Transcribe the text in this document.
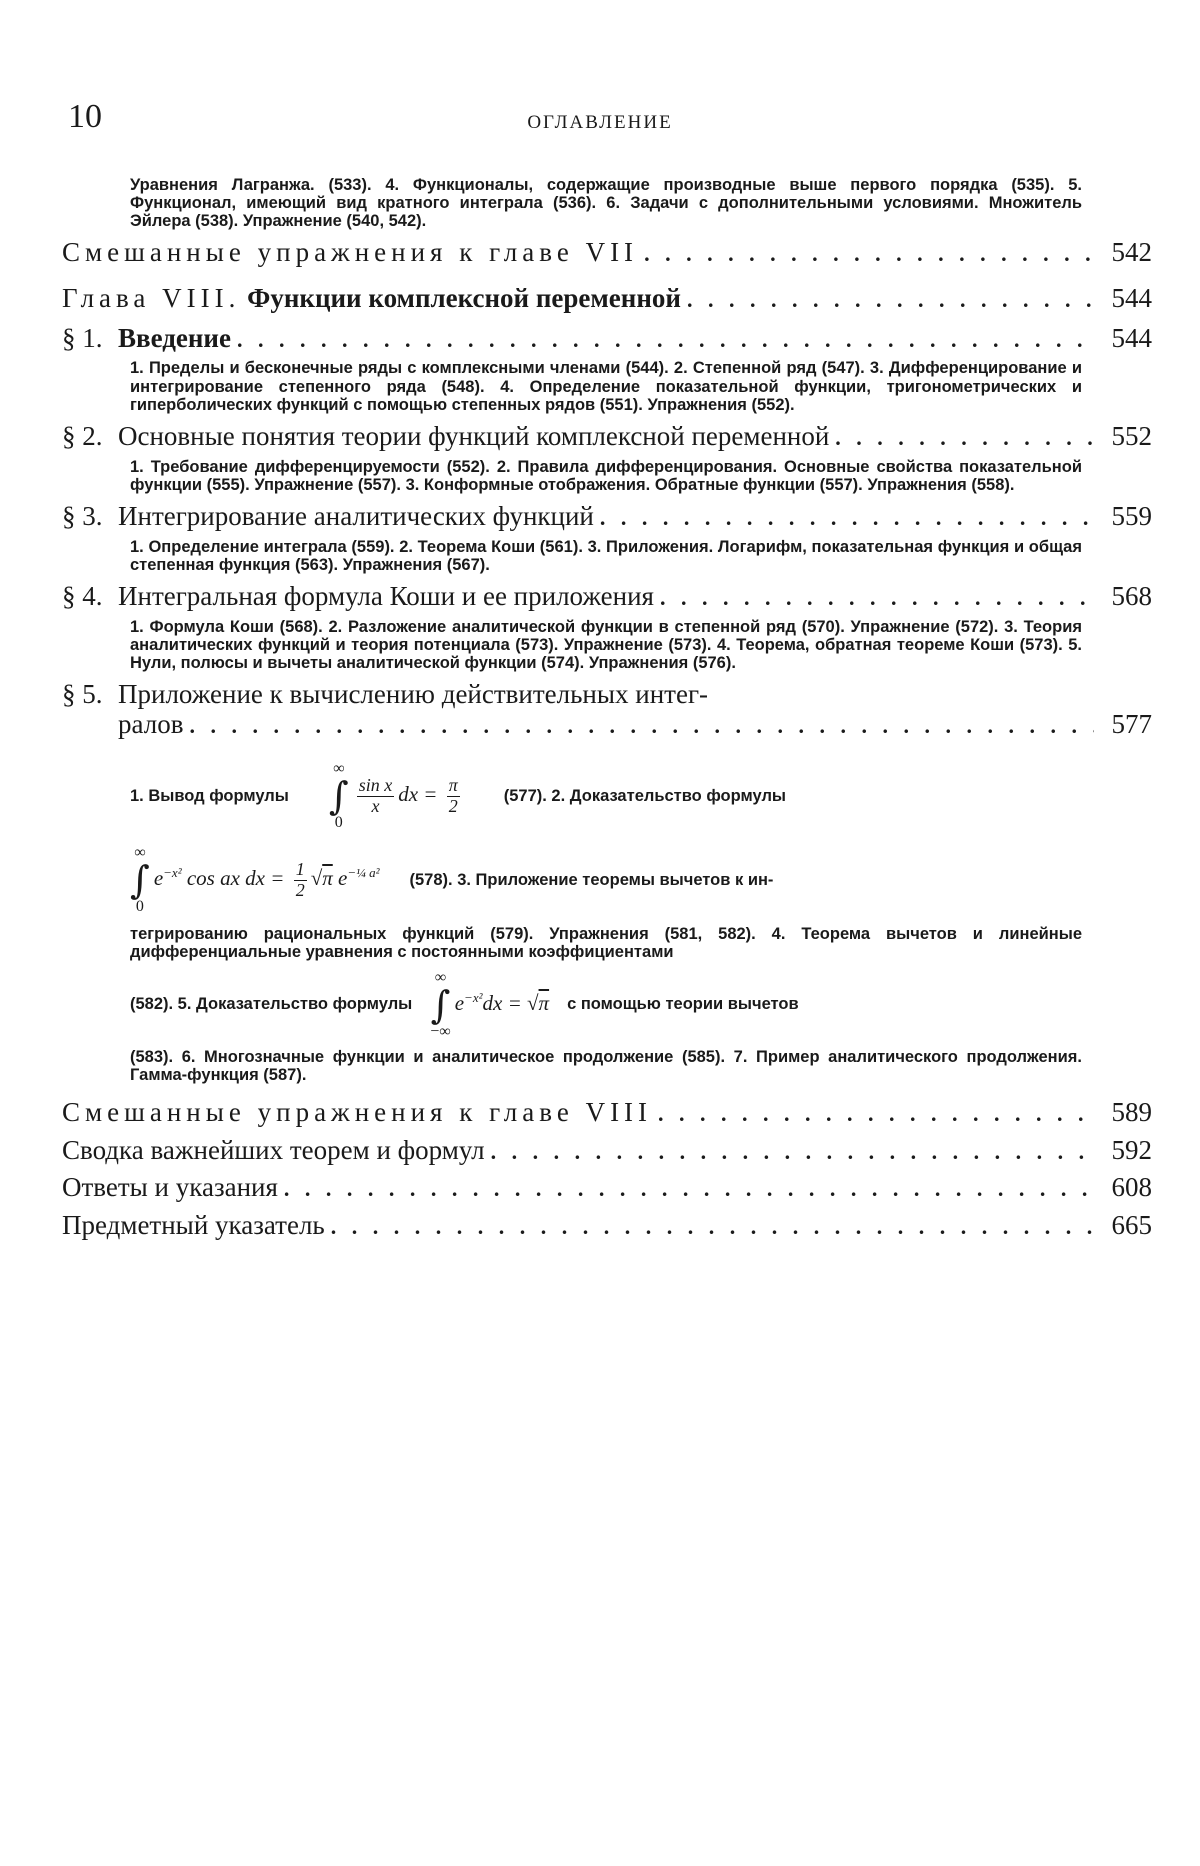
10	ОГЛАВЛЕНИЕ
Уравнения Лагранжа. (533). 4. Функционалы, содержащие производные выше первого порядка (535). 5. Функционал, имеющий вид кратного интеграла (536). 6. Задачи с дополнительными условиями. Множитель Эйлера (538). Упражнение (540, 542).
Смешанные упражнения к главе VII . . .	542
Глава VIII. Функции комплексной переменной . . .	544
§ 1. Введение . . .	544
1. Пределы и бесконечные ряды с комплексными членами (544). 2. Степенной ряд (547). 3. Дифференцирование и интегрирование степенного ряда (548). 4. Определение показательной функции, тригонометрических и гиперболических функций с помощью степенных рядов (551). Упражнения (552).
§ 2. Основные понятия теории функций комплексной переменной . . .	552
1. Требование дифференцируемости (552). 2. Правила дифференцирования. Основные свойства показательной функции (555). Упражнение (557). 3. Конформные отображения. Обратные функции (557). Упражнения (558).
§ 3. Интегрирование аналитических функций . . .	559
1. Определение интеграла (559). 2. Теорема Коши (561). 3. Приложения. Логарифм, показательная функция и общая степенная функция (563). Упражнения (567).
§ 4. Интегральная формула Коши и ее приложения . . .	568
1. Формула Коши (568). 2. Разложение аналитической функции в степенной ряд (570). Упражнение (572). 3. Теория аналитических функций и теория потенциала (573). Упражнение (573). 4. Теорема, обратная теореме Коши (573). 5. Нули, полюсы и вычеты аналитической функции (574). Упражнения (576).
§ 5. Приложение к вычислению действительных интег-
ралов . . .	577
1. Вывод формулы
∞
∫
0
$\frac{\text{sin x}}{x}$ dx = $\frac{\pi}{2}$	(577). 2. Доказательство формулы
∞
∫
0
$e^{-x^2}$ cos ax dx = $\frac{1}{2} √\pi$ $e^{-\frac{1}{4} a^2}$ (578). 3. Приложение теоремы вычетов к ин-
тегрированию рациональных функций (579). Упражнения (581, 582). 4. Теорема вычетов и линейные дифференциальные уравнения с постоянными коэффициентами
(582). 5. Доказательство формулы
∞
∫
−∞
$e^{-x^2}dx = √\pi$ с помощью теории вычетов
(583). 6. Многозначные функции и аналитическое продолжение (585). 7. Пример аналитического продолжения. Гамма-функция (587).
Смешанные упражнения к главе VIII . . .	589
Сводка важнейших теорем и формул . . .	592
Ответы и указания . . .	608
Предметный указатель . . .	665
